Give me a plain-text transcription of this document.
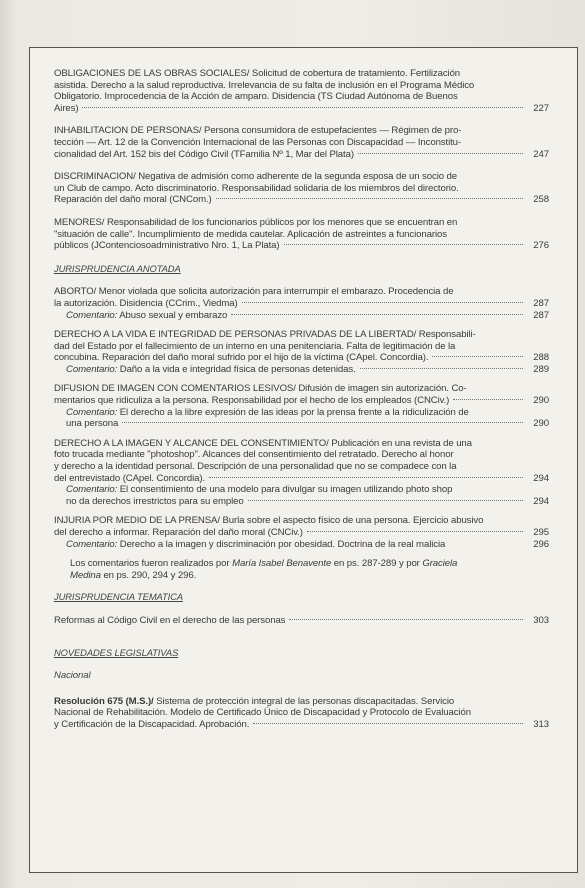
OBLIGACIONES DE LAS OBRAS SOCIALES/ Solicitud de cobertura de tratamiento. Fertilización
asistida. Derecho a la salud reproductiva. Irrelevancia de su falta de inclusión en el Programa Médico
Obligatorio. Improcedencia de la Acción de amparo. Disidencia (TS Ciudad Autónoma de Buenos
Aires)	227
INHABILITACION DE PERSONAS/ Persona consumidora de estupefacientes — Régimen de pro-
tección — Art. 12 de la Convención Internacional de las Personas con Discapacidad — Inconstitu-
cionalidad del Art. 152 bis del Código Civil (TFamilia Nº 1, Mar del Plata)	247
DISCRIMINACION/ Negativa de admisión como adherente de la segunda esposa de un socio de
un Club de campo. Acto discriminatorio. Responsabilidad solidaria de los miembros del directorio.
Reparación del daño moral (CNCom.)	258
MENORES/ Responsabilidad de los funcionarios públicos por los menores que se encuentran en
"situación de calle". Incumplimiento de medida cautelar. Aplicación de astreintes a funcionarios
públicos (JContenciosoadministrativo Nro. 1, La Plata)	276
JURISPRUDENCIA ANOTADA
ABORTO/ Menor violada que solicita autorización para interrumpir el embarazo. Procedencia de
la autorización. Disidencia (CCrim., Viedma)	287
Comentario: Abuso sexual y embarazo	287
DERECHO A LA VIDA E INTEGRIDAD DE PERSONAS PRIVADAS DE LA LIBERTAD/ Responsabili-
dad del Estado por el fallecimiento de un interno en una penitenciaria. Falta de legitimación de la
concubina. Reparación del daño moral sufrido por el hijo de la víctima (CApel. Concordia).	288
Comentario: Daño a la vida e integridad física de personas detenidas.	289
DIFUSION DE IMAGEN CON COMENTARIOS LESIVOS/ Difusión de imagen sin autorización. Co-
mentarios que ridiculiza a la persona. Responsabilidad por el hecho de los empleados (CNCiv.)	290
Comentario: El derecho a la libre expresión de las ideas por la prensa frente a la ridiculización de
una persona	290
DERECHO A LA IMAGEN Y ALCANCE DEL CONSENTIMIENTO/ Publicación en una revista de una
foto trucada mediante "photoshop". Alcances del consentimiento del retratado. Derecho al honor
y derecho a la identidad personal. Descripción de una personalidad que no se compadece con la
del entrevistado (CApel. Concordia).	294
Comentario: El consentimiento de una modelo para divulgar su imagen utilizando photo shop
no da derechos irrestrictos para su empleo	294
INJURIA POR MEDIO DE LA PRENSA/ Burla sobre el aspecto físico de una persona. Ejercicio abusivo
del derecho a informar. Reparación del daño moral (CNCiv.)	295
Comentario: Derecho a la imagen y discriminación por obesidad. Doctrina de la real malicia	296
Los comentarios fueron realizados por María Isabel Benavente en ps. 287-289 y por Graciela
Medina en ps. 290, 294 y 296.
JURISPRUDENCIA TEMATICA
Reformas al Código Civil en el derecho de las personas	303
NOVEDADES LEGISLATIVAS
Nacional
Resolución 675 (M.S.)/ Sistema de protección integral de las personas discapacitadas. Servicio
Nacional de Rehabilitación. Modelo de Certificado Único de Discapacidad y Protocolo de Evaluación
y Certificación de la Discapacidad. Aprobación.	313
